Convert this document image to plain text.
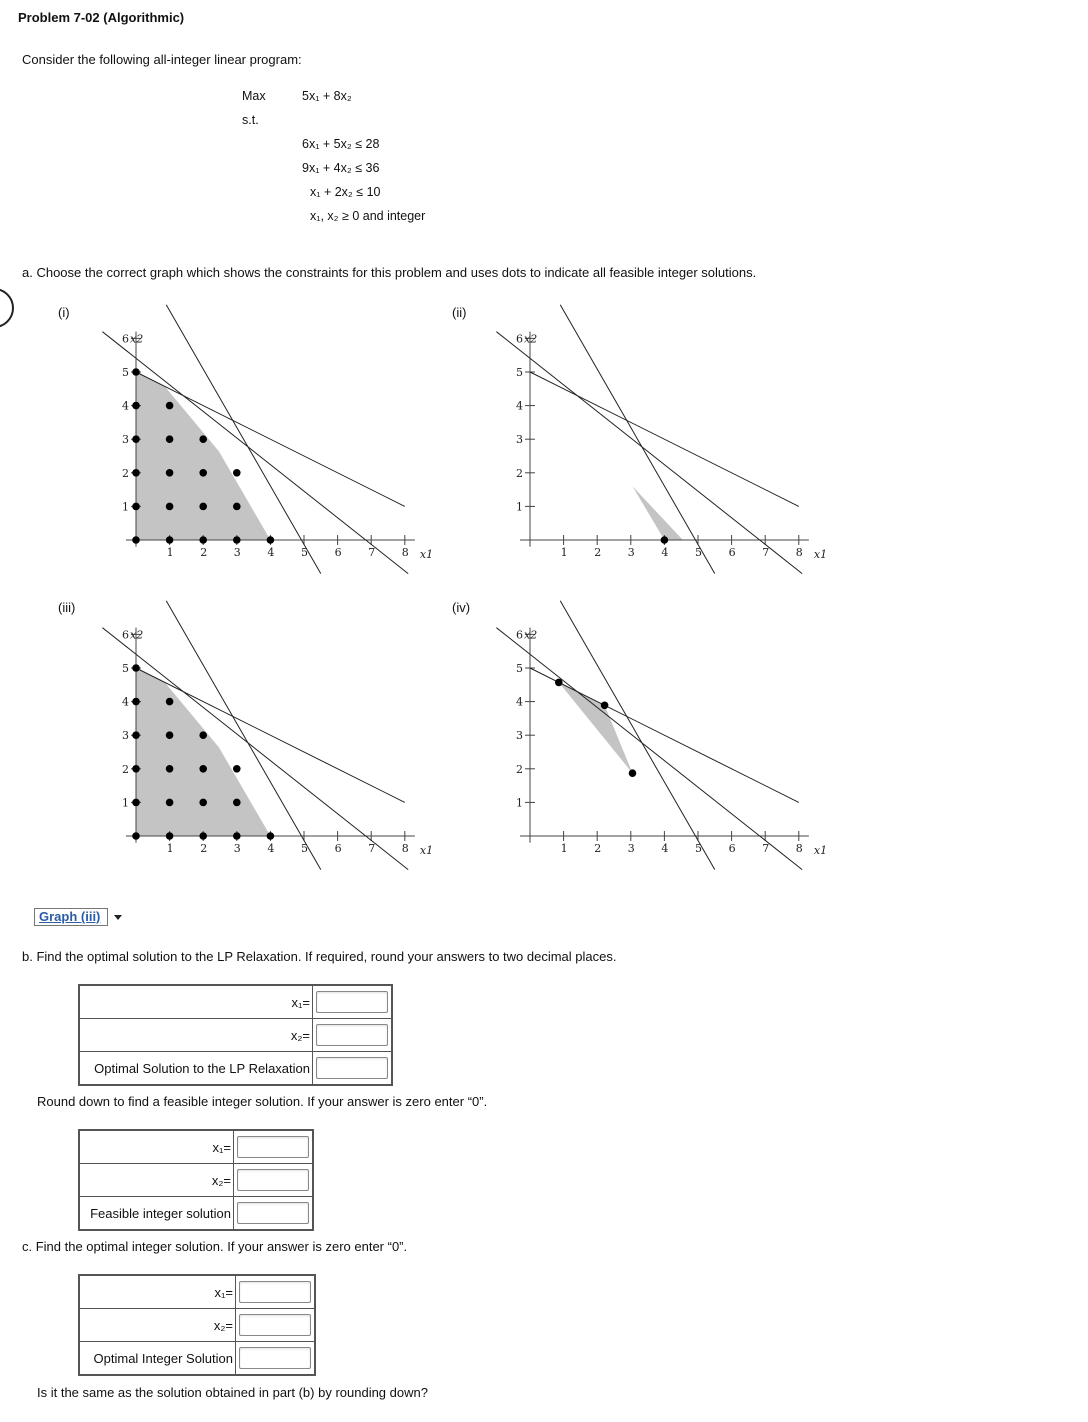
Problem 7-02 (Algorithmic)
Consider the following all-integer linear program:
Max	5x₁ + 8x₂
s.t.
6x₁ + 5x₂ ≤ 28
9x₁ + 4x₂ ≤ 36
x₁ + 2x₂ ≤ 10
x₁, x₂ ≥ 0 and integer
a. Choose the correct graph which shows the constraints for this problem and uses dots to indicate all feasible integer solutions.
(i)	(ii)
(iii)	(iv)
1 2 3 4 5 6 7 8
1
2
3
4
5
6
x1
x2
1 2 3 4 5 6 7 8
1
2
3
4
5
6
x1
x2
1 2 3 4 5 6 7 8
1
2
3
4
5
6
x1
x2
1 2 3 4 5 6 7 8
1
2
3
4
5
6
x1
x2
Graph (iii)
b. Find the optimal solution to the LP Relaxation. If required, round your answers to two decimal places.
x₁=	

x₂=	

Optimal Solution to the LP Relaxation	
Round down to find a feasible integer solution. If your answer is zero enter “0”.
x₁=	

x₂=	

Feasible integer solution	
c. Find the optimal integer solution. If your answer is zero enter “0”.
x₁=	

x₂=	

Optimal Integer Solution	
Is it the same as the solution obtained in part (b) by rounding down?
